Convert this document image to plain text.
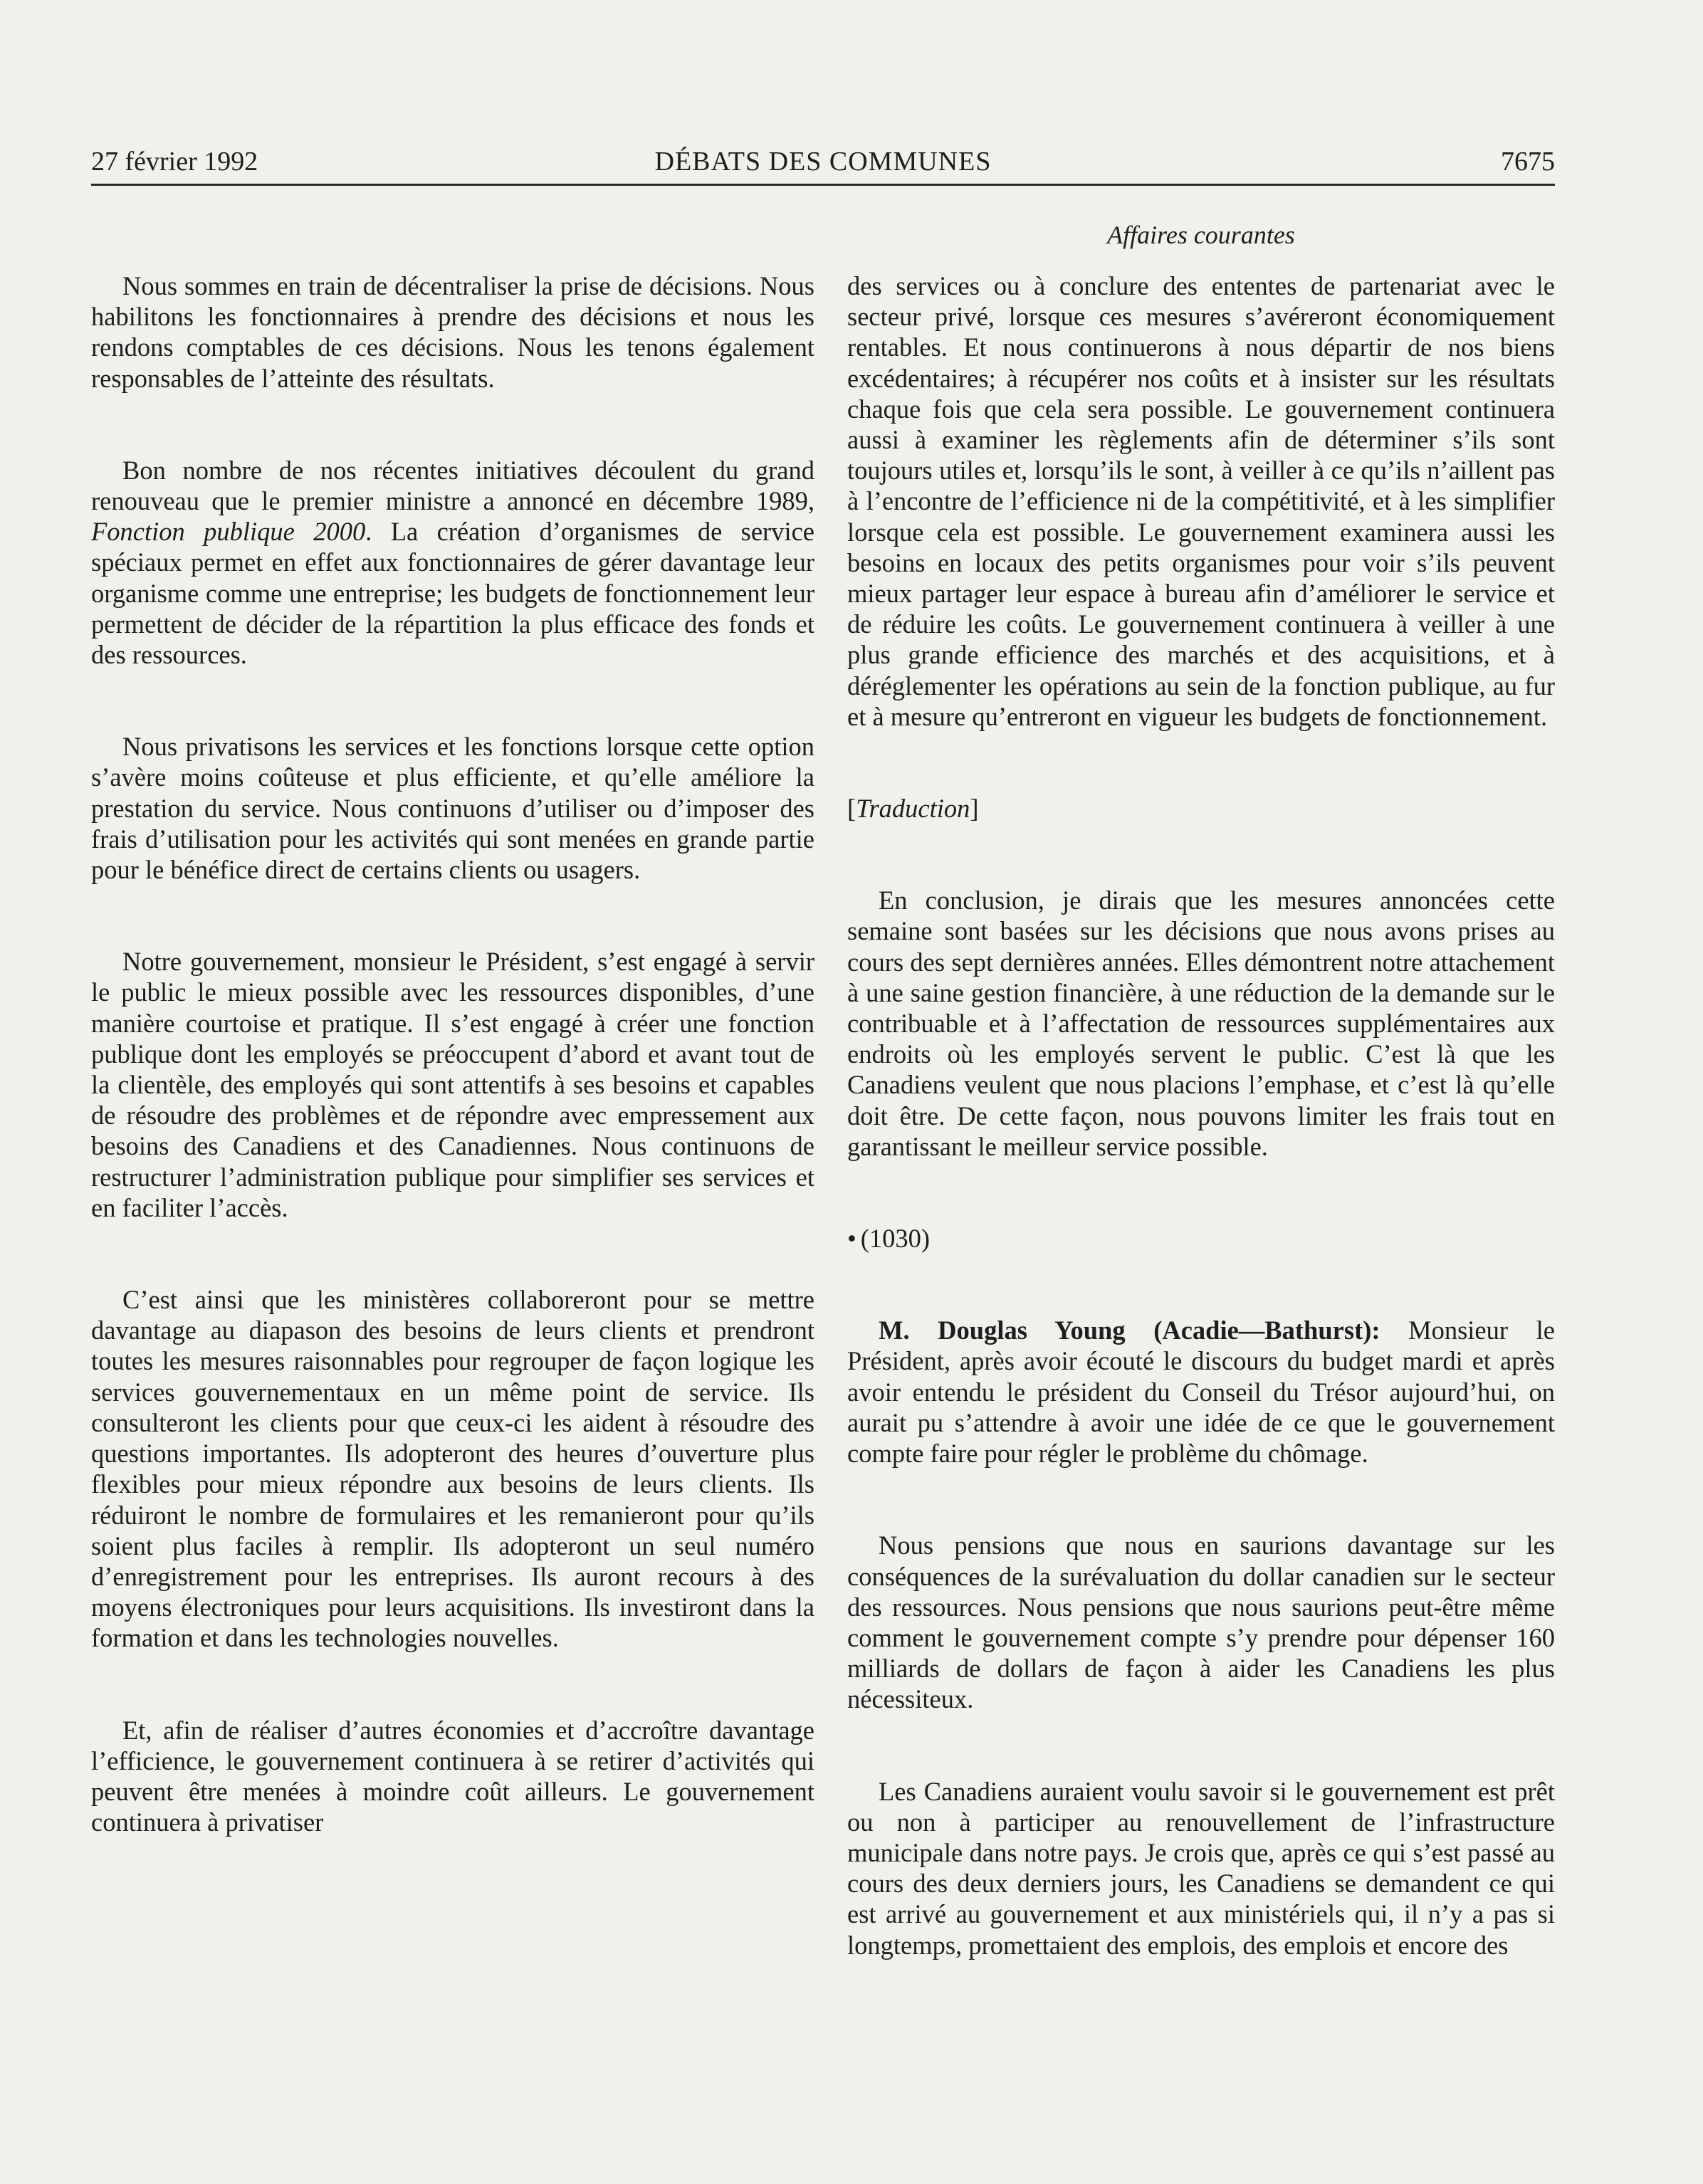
27 février 1992	DÉBATS DES COMMUNES	7675
Affaires courantes

Nous sommes en train de décentraliser la prise de décisions. Nous habilitons les fonctionnaires à prendre des décisions et nous les rendons comptables de ces décisions. Nous les tenons également responsables de l’atteinte des résultats.

Bon nombre de nos récentes initiatives découlent du grand renouveau que le premier ministre a annoncé en décembre 1989, Fonction publique 2000. La création d’organismes de service spéciaux permet en effet aux fonctionnaires de gérer davantage leur organisme comme une entreprise; les budgets de fonctionnement leur permettent de décider de la répartition la plus efficace des fonds et des ressources.

Nous privatisons les services et les fonctions lorsque cette option s’avère moins coûteuse et plus efficiente, et qu’elle améliore la prestation du service. Nous continuons d’utiliser ou d’imposer des frais d’utilisation pour les activités qui sont menées en grande partie pour le bénéfice direct de certains clients ou usagers.

Notre gouvernement, monsieur le Président, s’est engagé à servir le public le mieux possible avec les ressources disponibles, d’une manière courtoise et pratique. Il s’est engagé à créer une fonction publique dont les employés se préoccupent d’abord et avant tout de la clientèle, des employés qui sont attentifs à ses besoins et capables de résoudre des problèmes et de répondre avec empressement aux besoins des Canadiens et des Canadiennes. Nous continuons de restructurer l’administration publique pour simplifier ses services et en faciliter l’accès.

C’est ainsi que les ministères collaboreront pour se mettre davantage au diapason des besoins de leurs clients et prendront toutes les mesures raisonnables pour regrouper de façon logique les services gouvernementaux en un même point de service. Ils consulteront les clients pour que ceux-ci les aident à résoudre des questions importantes. Ils adopteront des heures d’ouverture plus flexibles pour mieux répondre aux besoins de leurs clients. Ils réduiront le nombre de formulaires et les remanieront pour qu’ils soient plus faciles à remplir. Ils adopteront un seul numéro d’enregistrement pour les entreprises. Ils auront recours à des moyens électroniques pour leurs acquisitions. Ils investiront dans la formation et dans les technologies nouvelles.

Et, afin de réaliser d’autres économies et d’accroître davantage l’efficience, le gouvernement continuera à se retirer d’activités qui peuvent être menées à moindre coût ailleurs. Le gouvernement continuera à privatiser

des services ou à conclure des ententes de partenariat avec le secteur privé, lorsque ces mesures s’avéreront économiquement rentables. Et nous continuerons à nous départir de nos biens excédentaires; à récupérer nos coûts et à insister sur les résultats chaque fois que cela sera possible. Le gouvernement continuera aussi à examiner les règlements afin de déterminer s’ils sont toujours utiles et, lorsqu’ils le sont, à veiller à ce qu’ils n’aillent pas à l’encontre de l’efficience ni de la compétitivité, et à les simplifier lorsque cela est possible. Le gouvernement examinera aussi les besoins en locaux des petits organismes pour voir s’ils peuvent mieux partager leur espace à bureau afin d’améliorer le service et de réduire les coûts. Le gouvernement continuera à veiller à une plus grande efficience des marchés et des acquisitions, et à déréglementer les opérations au sein de la fonction publique, au fur et à mesure qu’entreront en vigueur les budgets de fonctionnement.

[Traduction]

En conclusion, je dirais que les mesures annoncées cette semaine sont basées sur les décisions que nous avons prises au cours des sept dernières années. Elles démontrent notre attachement à une saine gestion financière, à une réduction de la demande sur le contribuable et à l’affectation de ressources supplémentaires aux endroits où les employés servent le public. C’est là que les Canadiens veulent que nous placions l’emphase, et c’est là qu’elle doit être. De cette façon, nous pouvons limiter les frais tout en garantissant le meilleur service possible.

• (1030)

M. Douglas Young (Acadie—Bathurst): Monsieur le Président, après avoir écouté le discours du budget mardi et après avoir entendu le président du Conseil du Trésor aujourd’hui, on aurait pu s’attendre à avoir une idée de ce que le gouvernement compte faire pour régler le problème du chômage.

Nous pensions que nous en saurions davantage sur les conséquences de la surévaluation du dollar canadien sur le secteur des ressources. Nous pensions que nous saurions peut-être même comment le gouvernement compte s’y prendre pour dépenser 160 milliards de dollars de façon à aider les Canadiens les plus nécessiteux.

Les Canadiens auraient voulu savoir si le gouvernement est prêt ou non à participer au renouvellement de l’infrastructure municipale dans notre pays. Je crois que, après ce qui s’est passé au cours des deux derniers jours, les Canadiens se demandent ce qui est arrivé au gouvernement et aux ministériels qui, il n’y a pas si longtemps, promettaient des emplois, des emplois et encore des
